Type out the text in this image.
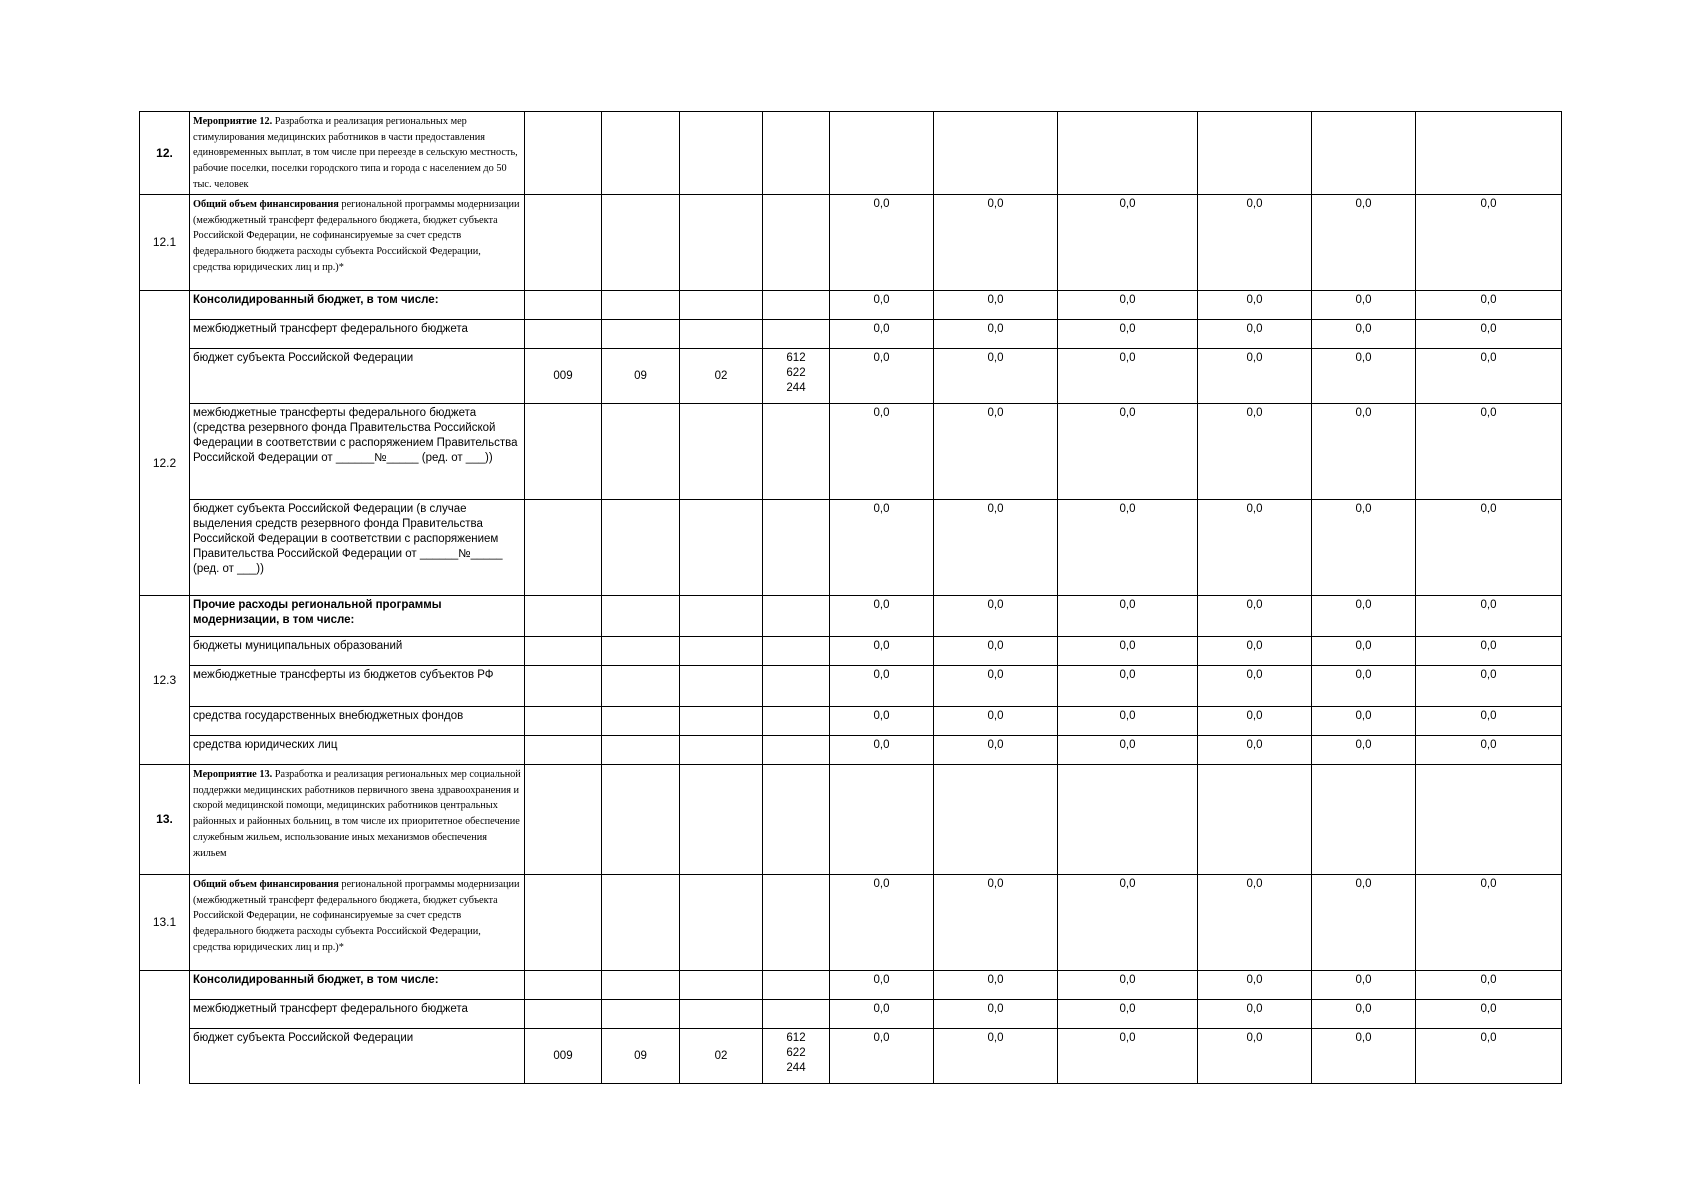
12.	Мероприятие 12. Разработка и реализация региональных мер стимулирования медицинских работников в части предоставления единовременных выплат, в том числе при переезде в сельскую местность, рабочие поселки, поселки городского типа и города с населением до 50 тыс. человек										
12.1	Общий объем финансирования региональной программы модернизации (межбюджетный трансферт федерального бюджета, бюджет субъекта Российской Федерации, не софинансируемые за счет средств федерального бюджета расходы субъекта Российской Федерации, средства юридических лиц и пр.)*					0,0	0,0	0,0	0,0	0,0	0,0
12.2	Консолидированный бюджет, в том числе:					0,0	0,0	0,0	0,0	0,0	0,0
	межбюджетный трансферт федерального бюджета					0,0	0,0	0,0	0,0	0,0	0,0
	бюджет субъекта Российской Федерации	009	09	02	612
622
244	0,0	0,0	0,0	0,0	0,0	0,0
	межбюджетные трансферты федерального бюджета (средства резервного фонда Правительства Российской Федерации в соответствии с распоряжением Правительства Российской Федерации от ______№_____ (ред. от ___))					0,0	0,0	0,0	0,0	0,0	0,0
	бюджет субъекта Российской Федерации (в случае выделения средств резервного фонда Правительства Российской Федерации в соответствии с распоряжением Правительства Российской Федерации от ______№_____ (ред. от ___))					0,0	0,0	0,0	0,0	0,0	0,0
12.3	Прочие расходы региональной программы модернизации, в том числе:					0,0	0,0	0,0	0,0	0,0	0,0
	бюджеты муниципальных образований					0,0	0,0	0,0	0,0	0,0	0,0
	межбюджетные трансферты из бюджетов субъектов РФ					0,0	0,0	0,0	0,0	0,0	0,0
	средства государственных внебюджетных фондов					0,0	0,0	0,0	0,0	0,0	0,0
	средства юридических лиц					0,0	0,0	0,0	0,0	0,0	0,0
13.	Мероприятие 13. Разработка и реализация региональных мер социальной поддержки медицинских работников первичного звена здравоохранения и скорой медицинской помощи, медицинских работников центральных районных и районных больниц, в том числе их приоритетное обеспечение служебным жильем, использование иных механизмов обеспечения жильем										
13.1	Общий объем финансирования региональной программы модернизации (межбюджетный трансферт федерального бюджета, бюджет субъекта Российской Федерации, не софинансируемые за счет средств федерального бюджета расходы субъекта Российской Федерации, средства юридических лиц и пр.)*					0,0	0,0	0,0	0,0	0,0	0,0
	Консолидированный бюджет, в том числе:					0,0	0,0	0,0	0,0	0,0	0,0
	межбюджетный трансферт федерального бюджета					0,0	0,0	0,0	0,0	0,0	0,0
	бюджет субъекта Российской Федерации	009	09	02	612
622
244	0,0	0,0	0,0	0,0	0,0	0,0
